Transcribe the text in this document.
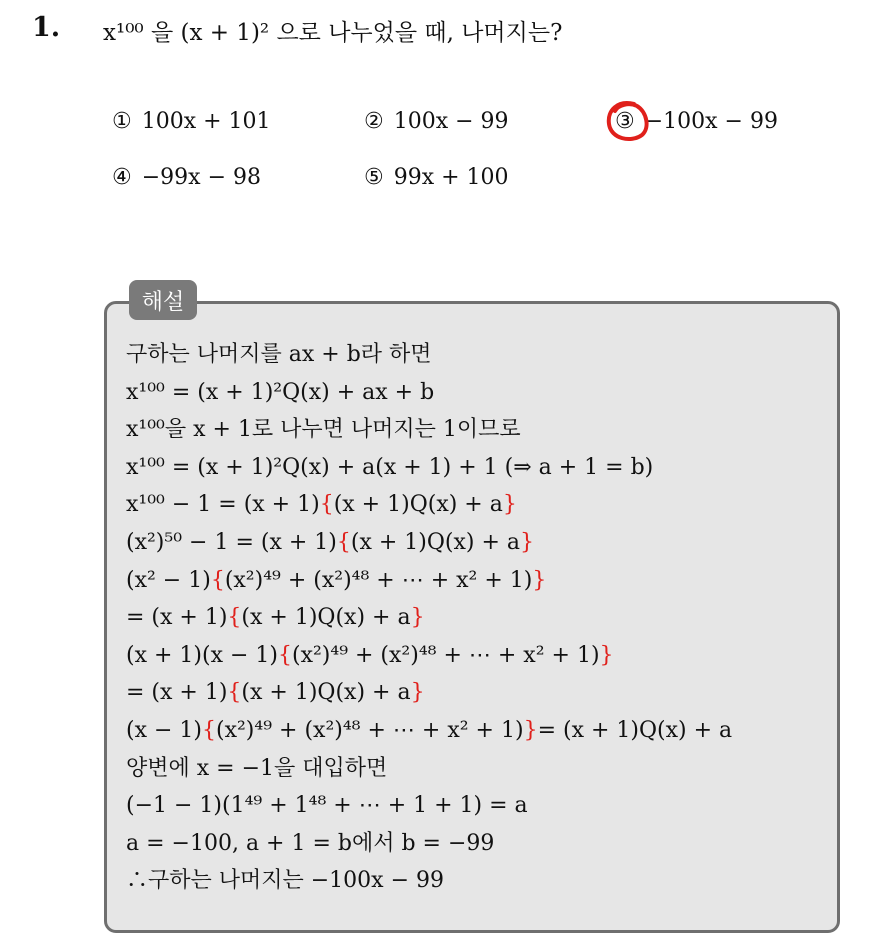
1. x¹⁰⁰ 을 (x + 1)² 으로 나누었을 때, 나머지는?
① 100x + 101	② 100x − 99	③ −100x − 99
④ −99x − 98	⑤ 99x + 100
해설
구하는 나머지를 ax + b라 하면
x¹⁰⁰ = (x + 1)²Q(x) + ax + b
x¹⁰⁰을 x + 1로 나누면 나머지는 1이므로
x¹⁰⁰ = (x + 1)²Q(x) + a(x + 1) + 1 (⇒ a + 1 = b)
x¹⁰⁰ − 1 = (x + 1){(x + 1)Q(x) + a}
(x²)⁵⁰ − 1 = (x + 1){(x + 1)Q(x) + a}
(x² − 1){(x²)⁴⁹ + (x²)⁴⁸ + ⋯ + x² + 1)}
= (x + 1){(x + 1)Q(x) + a}
(x + 1)(x − 1){(x²)⁴⁹ + (x²)⁴⁸ + ⋯ + x² + 1)}
= (x + 1){(x + 1)Q(x) + a}
(x − 1){(x²)⁴⁹ + (x²)⁴⁸ + ⋯ + x² + 1)}= (x + 1)Q(x) + a
양변에 x = −1을 대입하면
(−1 − 1)(1⁴⁹ + 1⁴⁸ + ⋯ + 1 + 1) = a
a = −100, a + 1 = b에서 b = −99
∴구하는 나머지는 −100x − 99
